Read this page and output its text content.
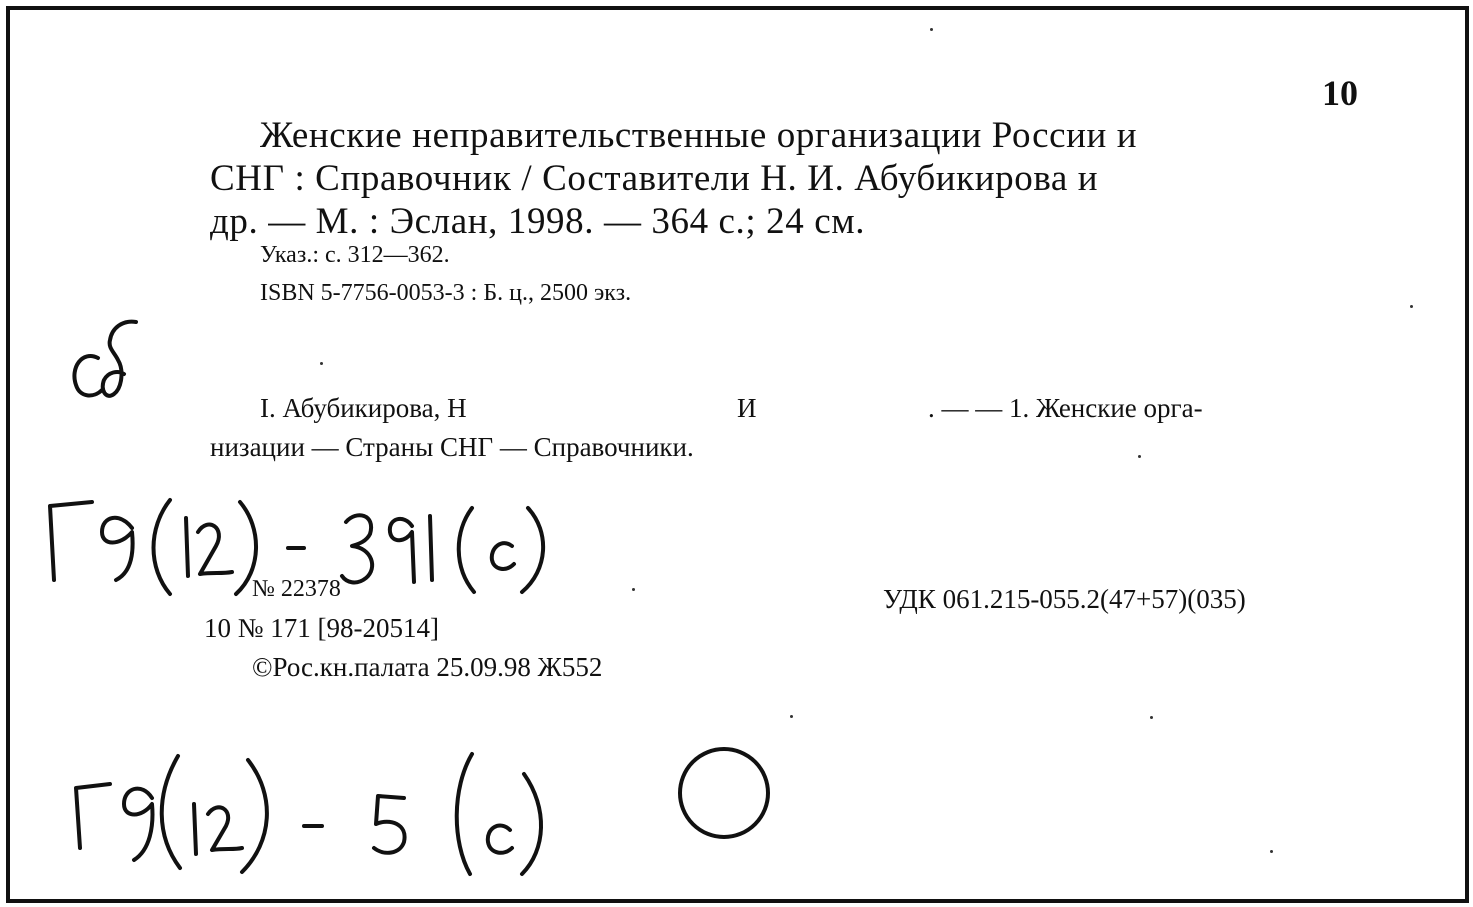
10
Женские неправительственные организации России и
СНГ : Справочник / Составители Н. И. Абубикирова и
др. — М. : Эслан, 1998. — 364 с.; 24 см.
Указ.: с. 312—362.
ISBN 5-7756-0053-3 : Б. ц., 2500 экз.
I. Абубикирова, Н	И	. — — 1. Женские орга-
низации — Страны СНГ — Справочники.
№ 22378	УДК 061.215-055.2(47+57)(035)
10 № 171 [98-20514]
©Рос.кн.палата 25.09.98 Ж552
